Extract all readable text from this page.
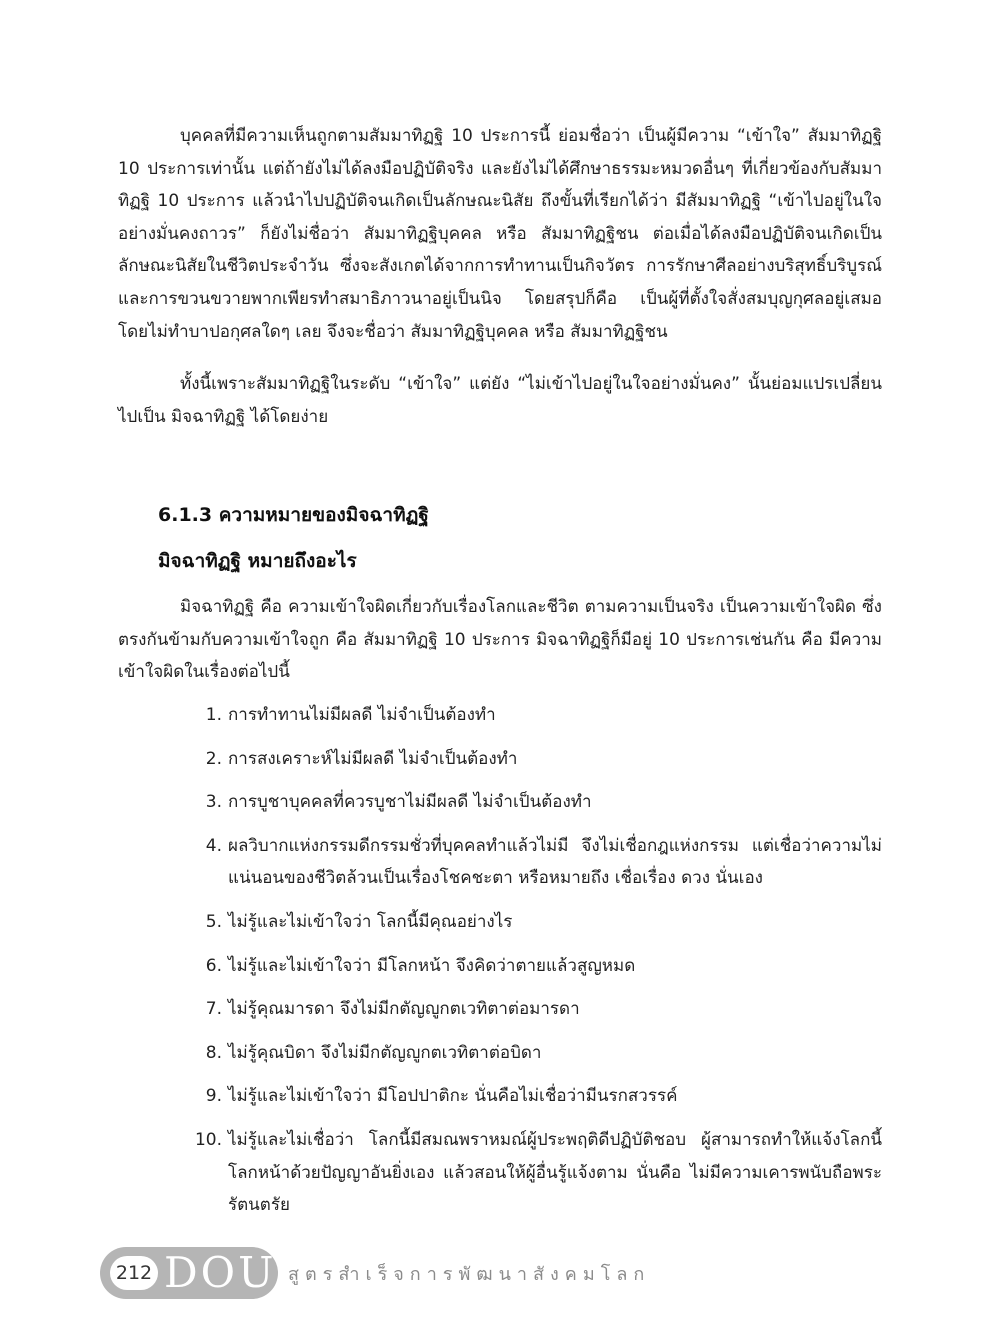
บุคคลที่มีความเห็นถูกตามสัมมาทิฏฐิ 10 ประการนี้ ย่อมชื่อว่า เป็นผู้มีความ “เข้าใจ” สัมมาทิฏฐิ 10 ประการเท่านั้น แต่ถ้ายังไม่ได้ลงมือปฏิบัติจริง และยังไม่ได้ศึกษาธรรมะหมวดอื่นๆ ที่เกี่ยวข้องกับสัมมาทิฏฐิ 10 ประการ แล้วนำไปปฏิบัติจนเกิดเป็นลักษณะนิสัย ถึงขั้นที่เรียกได้ว่า มีสัมมาทิฏฐิ “เข้าไปอยู่ในใจอย่างมั่นคงถาวร” ก็ยังไม่ชื่อว่า สัมมาทิฏฐิบุคคล หรือ สัมมาทิฏฐิชน ต่อเมื่อได้ลงมือปฏิบัติจนเกิดเป็นลักษณะนิสัยในชีวิตประจำวัน ซึ่งจะสังเกตได้จากการทำทานเป็นกิจวัตร การรักษาศีลอย่างบริสุทธิ์บริบูรณ์ และการขวนขวายพากเพียรทำสมาธิภาวนาอยู่เป็นนิจ โดยสรุปก็คือ เป็นผู้ที่ตั้งใจสั่งสมบุญกุศลอยู่เสมอ โดยไม่ทำบาปอกุศลใดๆ เลย จึงจะชื่อว่า สัมมาทิฏฐิบุคคล หรือ สัมมาทิฏฐิชน

ทั้งนี้เพราะสัมมาทิฏฐิในระดับ “เข้าใจ” แต่ยัง “ไม่เข้าไปอยู่ในใจอย่างมั่นคง” นั้นย่อมแปรเปลี่ยนไปเป็น มิจฉาทิฏฐิ ได้โดยง่าย

6.1.3 ความหมายของมิจฉาทิฏฐิ
มิจฉาทิฏฐิ หมายถึงอะไร

มิจฉาทิฏฐิ คือ ความเข้าใจผิดเกี่ยวกับเรื่องโลกและชีวิต ตามความเป็นจริง เป็นความเข้าใจผิด ซึ่งตรงกันข้ามกับความเข้าใจถูก คือ สัมมาทิฏฐิ 10 ประการ มิจฉาทิฏฐิก็มีอยู่ 10 ประการเช่นกัน คือ มีความเข้าใจผิดในเรื่องต่อไปนี้

1. การทำทานไม่มีผลดี ไม่จำเป็นต้องทำ
2. การสงเคราะห์ไม่มีผลดี ไม่จำเป็นต้องทำ
3. การบูชาบุคคลที่ควรบูชาไม่มีผลดี ไม่จำเป็นต้องทำ
4. ผลวิบากแห่งกรรมดีกรรมชั่วที่บุคคลทำแล้วไม่มี จึงไม่เชื่อกฎแห่งกรรม แต่เชื่อว่าความไม่แน่นอนของชีวิตล้วนเป็นเรื่องโชคชะตา หรือหมายถึง เชื่อเรื่อง ดวง นั่นเอง
5. ไม่รู้และไม่เข้าใจว่า โลกนี้มีคุณอย่างไร
6. ไม่รู้และไม่เข้าใจว่า มีโลกหน้า จึงคิดว่าตายแล้วสูญหมด
7. ไม่รู้คุณมารดา จึงไม่มีกตัญญูกตเวทิตาต่อมารดา
8. ไม่รู้คุณบิดา จึงไม่มีกตัญญูกตเวทิตาต่อบิดา
9. ไม่รู้และไม่เข้าใจว่า มีโอปปาติกะ นั่นคือไม่เชื่อว่ามีนรกสวรรค์
10. ไม่รู้และไม่เชื่อว่า โลกนี้มีสมณพราหมณ์ผู้ประพฤติดีปฏิบัติชอบ ผู้สามารถทำให้แจ้งโลกนี้โลกหน้าด้วยปัญญาอันยิ่งเอง แล้วสอนให้ผู้อื่นรู้แจ้งตาม นั่นคือ ไม่มีความเคารพนับถือพระรัตนตรัย
212 DOU สูตรสำเร็จการพัฒนาสังคมโลก
